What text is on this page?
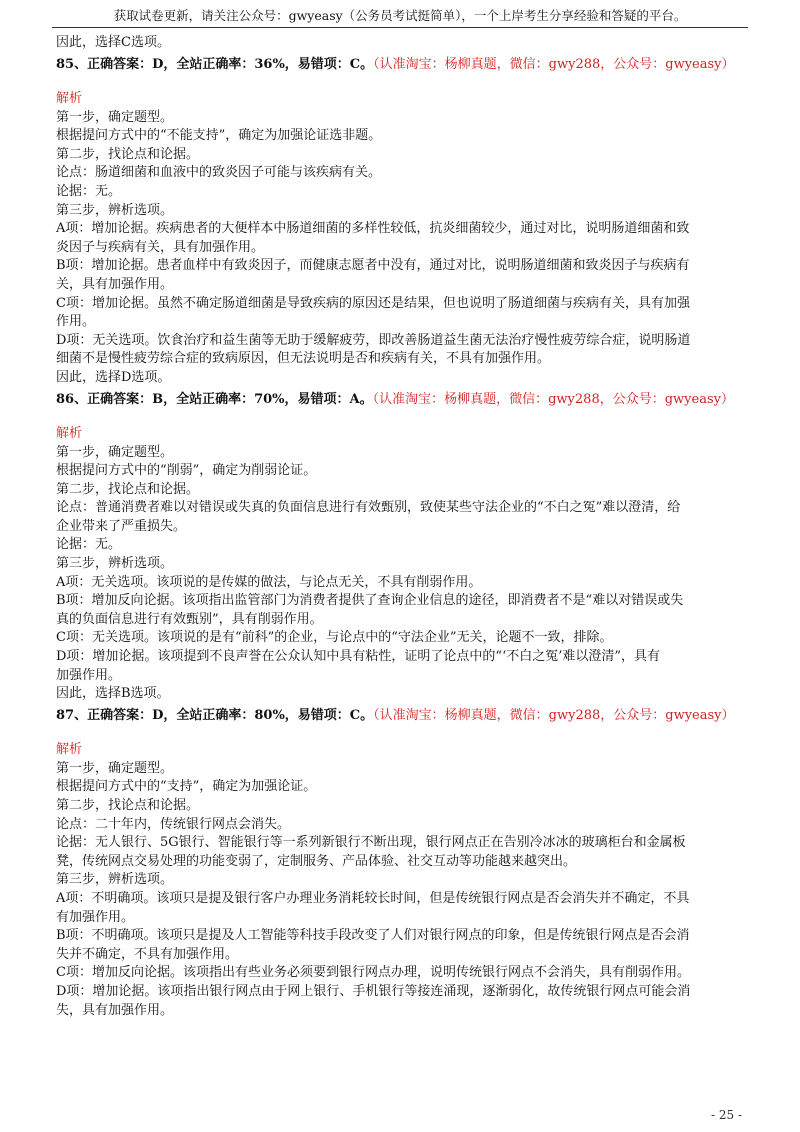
获取试卷更新，请关注公众号：gwyeasy（公务员考试挺简单），一个上岸考生分享经验和答疑的平台。

因此，选择C选项。

85、正确答案：D，全站正确率：36%，易错项：C。（认准淘宝：杨柳真题，微信：gwy288，公众号：gwyeasy）

解析

第一步，确定题型。

根据提问方式中的“不能支持”，确定为加强论证选非题。

第二步，找论点和论据。

论点：肠道细菌和血液中的致炎因子可能与该疾病有关。

论据：无。

第三步，辨析选项。

A项：增加论据。疾病患者的大便样本中肠道细菌的多样性较低，抗炎细菌较少，通过对比，说明肠道细菌和致

炎因子与疾病有关，具有加强作用。

B项：增加论据。患者血样中有致炎因子，而健康志愿者中没有，通过对比，说明肠道细菌和致炎因子与疾病有

关，具有加强作用。

C项：增加论据。虽然不确定肠道细菌是导致疾病的原因还是结果，但也说明了肠道细菌与疾病有关，具有加强

作用。

D项：无关选项。饮食治疗和益生菌等无助于缓解疲劳，即改善肠道益生菌无法治疗慢性疲劳综合症，说明肠道

细菌不是慢性疲劳综合症的致病原因，但无法说明是否和疾病有关，不具有加强作用。

因此，选择D选项。

86、正确答案：B，全站正确率：70%，易错项：A。（认准淘宝：杨柳真题，微信：gwy288，公众号：gwyeasy）

解析

第一步，确定题型。

根据提问方式中的“削弱”，确定为削弱论证。

第二步，找论点和论据。

论点：普通消费者难以对错误或失真的负面信息进行有效甄别，致使某些守法企业的“不白之冤”难以澄清，给

企业带来了严重损失。

论据：无。

第三步，辨析选项。

A项：无关选项。该项说的是传媒的做法，与论点无关，不具有削弱作用。

B项：增加反向论据。该项指出监管部门为消费者提供了查询企业信息的途径，即消费者不是“难以对错误或失

真的负面信息进行有效甄别”，具有削弱作用。

C项：无关选项。该项说的是有“前科”的企业，与论点中的“守法企业”无关，论题不一致，排除。

D项：增加论据。该项提到不良声誉在公众认知中具有粘性，证明了论点中的“‘不白之冤’难以澄清”，具有

加强作用。

因此，选择B选项。

87、正确答案：D，全站正确率：80%，易错项：C。（认准淘宝：杨柳真题，微信：gwy288，公众号：gwyeasy）

解析

第一步，确定题型。

根据提问方式中的“支持”，确定为加强论证。

第二步，找论点和论据。

论点：二十年内，传统银行网点会消失。

论据：无人银行、5G银行、智能银行等一系列新银行不断出现，银行网点正在告别冷冰冰的玻璃柜台和金属板

凳，传统网点交易处理的功能变弱了，定制服务、产品体验、社交互动等功能越来越突出。

第三步，辨析选项。

A项：不明确项。该项只是提及银行客户办理业务消耗较长时间，但是传统银行网点是否会消失并不确定，不具

有加强作用。

B项：不明确项。该项只是提及人工智能等科技手段改变了人们对银行网点的印象，但是传统银行网点是否会消

失并不确定，不具有加强作用。

C项：增加反向论据。该项指出有些业务必须要到银行网点办理，说明传统银行网点不会消失，具有削弱作用。

D项：增加论据。该项指出银行网点由于网上银行、手机银行等接连涌现，逐渐弱化，故传统银行网点可能会消

失，具有加强作用。

- 25 -
